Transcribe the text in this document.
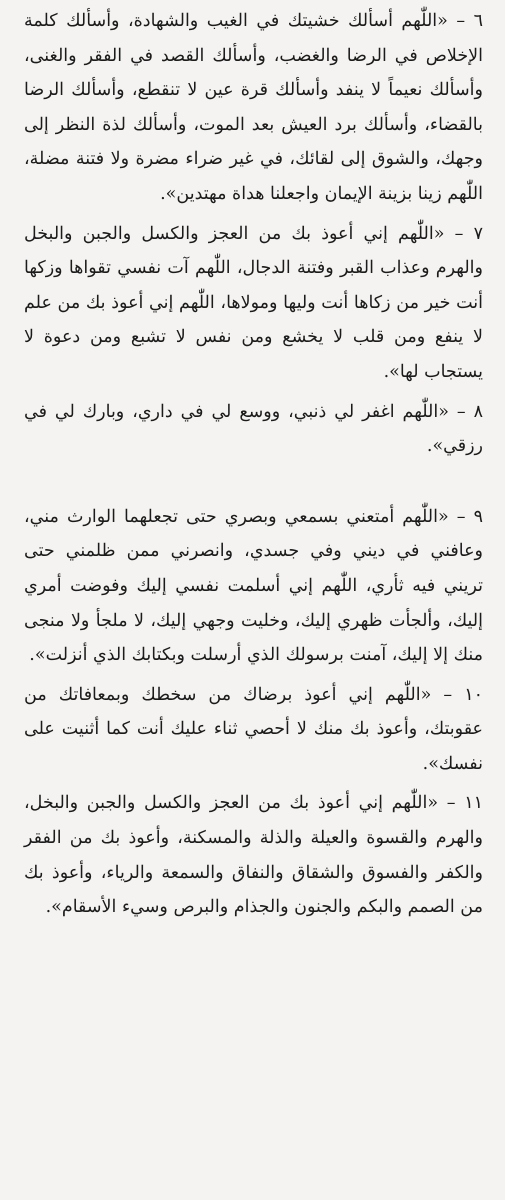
٦ – «اللّٰهم أسألك خشيتك في الغيب والشهادة، وأسألك كلمة الإخلاص في الرضا والغضب، وأسألك القصد في الفقر والغنى، وأسألك نعيماً لا ينفد وأسألك قرة عين لا تنقطع، وأسألك الرضا بالقضاء، وأسألك برد العيش بعد الموت، وأسألك لذة النظر إلى وجهك، والشوق إلى لقائك، في غير ضراء مضرة ولا فتنة مضلة، اللّٰهم زينا بزينة الإيمان واجعلنا هداة مهتدين».

٧ – «اللّٰهم إني أعوذ بك من العجز والكسل والجبن والبخل والهرم وعذاب القبر وفتنة الدجال، اللّٰهم آت نفسي تقواها وزكها أنت خير من زكاها أنت وليها ومولاها، اللّٰهم إني أعوذ بك من علم لا ينفع ومن قلب لا يخشع ومن نفس لا تشبع ومن دعوة لا يستجاب لها».

٨ – «اللّٰهم اغفر لي ذنبي، ووسع لي في داري، وبارك لي في رزقي».

٩ – «اللّٰهم أمتعني بسمعي وبصري حتى تجعلهما الوارث مني، وعافني في ديني وفي جسدي، وانصرني ممن ظلمني حتى تريني فيه ثأري، اللّٰهم إني أسلمت نفسي إليك وفوضت أمري إليك، وألجأت ظهري إليك، وخليت وجهي إليك، لا ملجأ ولا منجى منك إلا إليك، آمنت برسولك الذي أرسلت وبكتابك الذي أنزلت».

١٠ – «اللّٰهم إني أعوذ برضاك من سخطك وبمعافاتك من عقوبتك، وأعوذ بك منك لا أحصي ثناء عليك أنت كما أثنيت على نفسك».

١١ – «اللّٰهم إني أعوذ بك من العجز والكسل والجبن والبخل، والهرم والقسوة والعيلة والذلة والمسكنة، وأعوذ بك من الفقر والكفر والفسوق والشقاق والنفاق والسمعة والرياء، وأعوذ بك من الصمم والبكم والجنون والجذام والبرص وسيء الأسقام».
